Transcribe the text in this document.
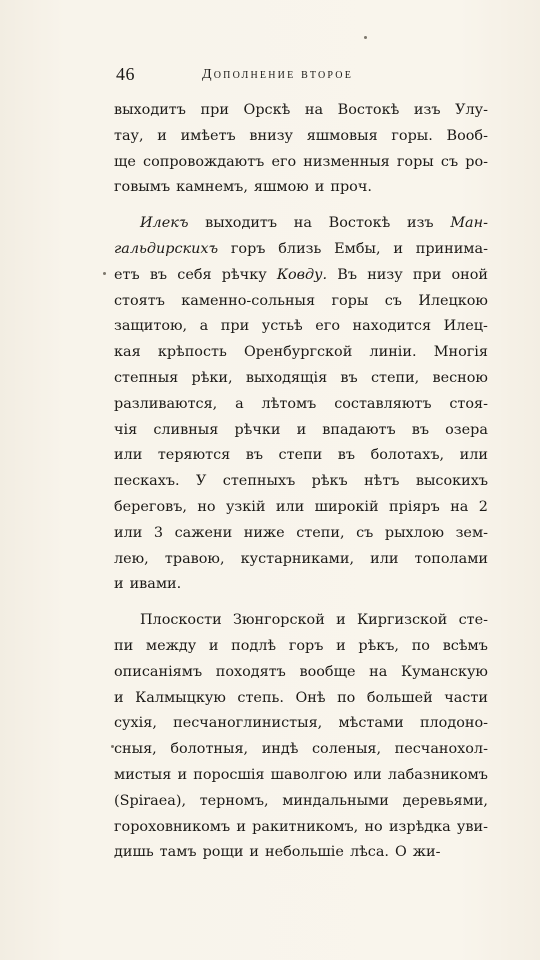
46	Дополнение второе
выходитъ при Орскѣ на Востокѣ изъ Улу-
тау, и имѣетъ внизу яшмовыя горы. Вооб-
ще сопровождаютъ его низменныя горы съ ро-
говымъ камнемъ, яшмою и проч.
Илекъ выходитъ на Востокѣ изъ Ман-
гальдирскихъ горъ близь Ембы, и принима-
етъ въ себя рѣчку Ковду. Въ низу при оной
стоятъ каменно-сольныя горы съ Илецкою
защитою, а при устьѣ его находится Илец-
кая крѣпость Оренбургской линіи. Многія
степныя рѣки, выходящія въ степи, весною
разливаются, а лѣтомъ составляютъ стоя-
чія сливныя рѣчки и впадаютъ въ озера
или теряются въ степи въ болотахъ, или
пескахъ. У степныхъ рѣкъ нѣтъ высокихъ
береговъ, но узкій или широкій пріяръ на 2
или 3 сажени ниже степи, съ рыхлою зем-
лею, травою, кустарниками, или тополами
и ивами.
Плоскости Зюнгорской и Киргизской сте-
пи между и подлѣ горъ и рѣкъ, по всѣмъ
описаніямъ походятъ вообще на Куманскую
и Калмыцкую степь. Онѣ по большей части
сухія, песчаноглинистыя, мѣстами плодоно-
сныя, болотныя, индѣ соленыя, песчанохол-
мистыя и поросшія шаволгою или лабазникомъ
(Spiraea), терномъ, миндальными деревьями,
гороховникомъ и ракитникомъ, но изрѣдка уви-
дишь тамъ рощи и небольшіе лѣса. О жи-
